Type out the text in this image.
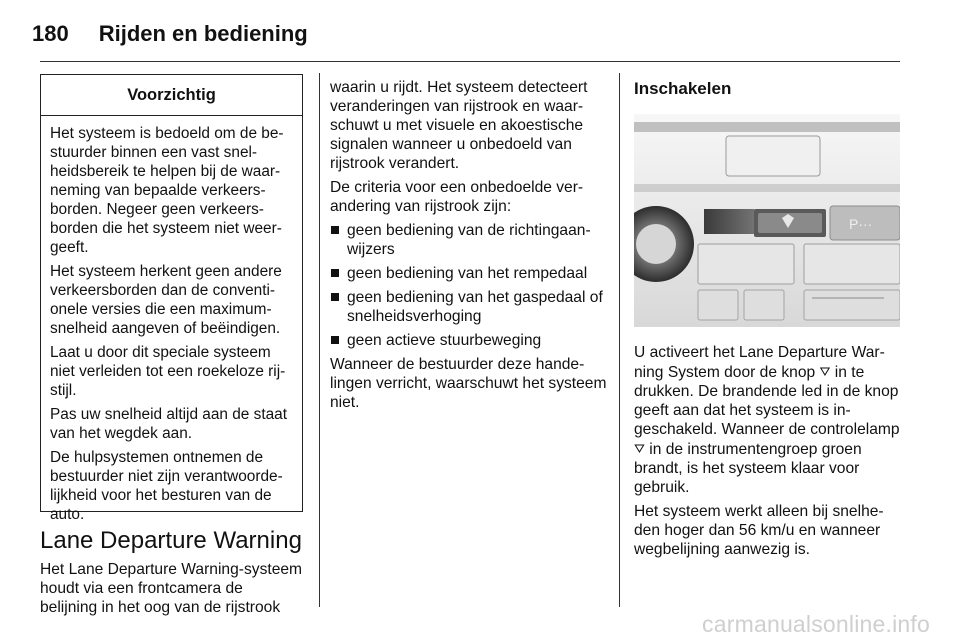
180 Rijden en bediening
Voorzichtig

Het systeem is bedoeld om de bestuurder binnen een vast snelheidsbereik te helpen bij de waarneming van bepaalde verkeersborden. Negeer geen verkeersborden die het systeem niet weergeeft.

Het systeem herkent geen andere verkeersborden dan de conventionele versies die een maximumsnelheid aangeven of beëindigen.

Laat u door dit speciale systeem niet verleiden tot een roekeloze rijstijl.

Pas uw snelheid altijd aan de staat van het wegdek aan.

De hulpsystemen ontnemen de bestuurder niet zijn verantwoordelijkheid voor het besturen van de auto.

Lane Departure Warning

Het Lane Departure Warning-systeem houdt via een frontcamera de belijning in het oog van de rijstrook

waarin u rijdt. Het systeem detecteert veranderingen van rijstrook en waarschuwt u met visuele en akoestische signalen wanneer u onbedoeld van rijstrook verandert.

De criteria voor een onbedoelde verandering van rijstrook zijn:

geen bediening van de richtingaanwijzers
geen bediening van het rempedaal
geen bediening van het gaspedaal of snelheidsverhoging
geen actieve stuurbeweging

Wanneer de bestuurder deze handelingen verricht, waarschuwt het systeem niet.

Inschakelen
P···

U activeert het Lane Departure Warning System door de knop ⛛ in te drukken. De brandende led in de knop geeft aan dat het systeem is ingeschakeld. Wanneer de controlelamp ⛛ in de instrumentengroep groen brandt, is het systeem klaar voor gebruik.

Het systeem werkt alleen bij snelheden hoger dan 56 km/u en wanneer wegbelijning aanwezig is.

carmanualsonline.info
